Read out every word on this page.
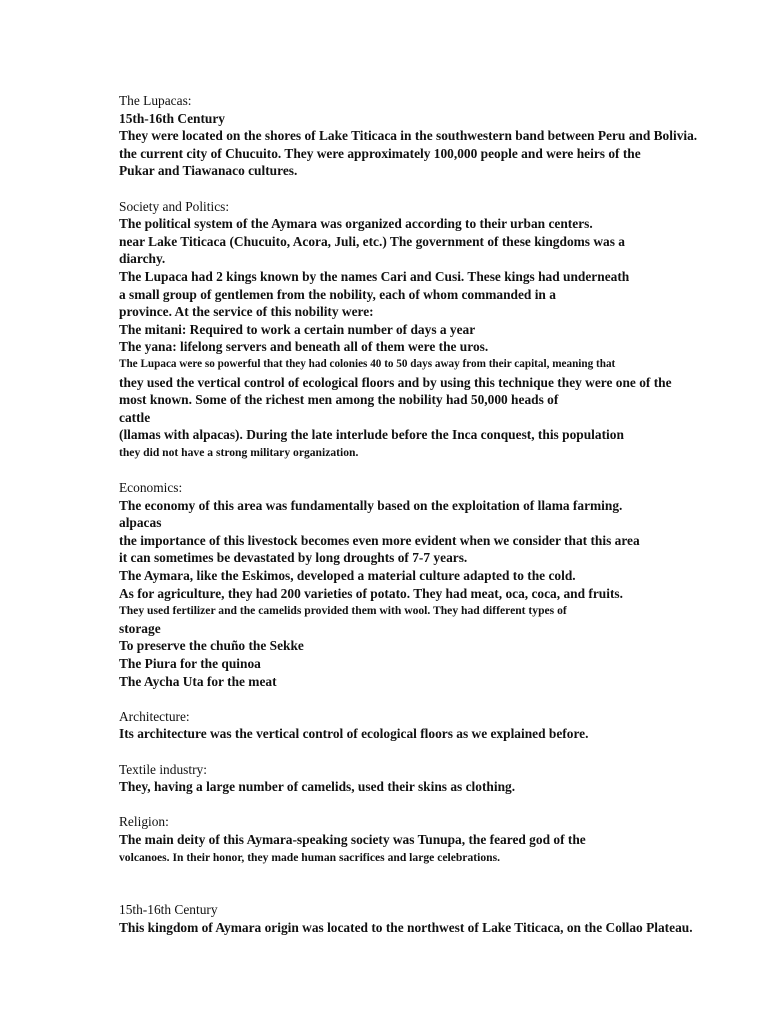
The Lupacas:
15th-16th Century
They were located on the shores of Lake Titicaca in the southwestern band between Peru and Bolivia.
the current city of Chucuito. They were approximately 100,000 people and were heirs of the
Pukar and Tiawanaco cultures.
Society and Politics:
The political system of the Aymara was organized according to their urban centers.
near Lake Titicaca (Chucuito, Acora, Juli, etc.) The government of these kingdoms was a
diarchy.
The Lupaca had 2 kings known by the names Cari and Cusi. These kings had underneath
a small group of gentlemen from the nobility, each of whom commanded in a
province. At the service of this nobility were:
The mitani: Required to work a certain number of days a year
The yana: lifelong servers and beneath all of them were the uros.
The Lupaca were so powerful that they had colonies 40 to 50 days away from their capital, meaning that
they used the vertical control of ecological floors and by using this technique they were one of the
most known. Some of the richest men among the nobility had 50,000 heads of
cattle
(llamas with alpacas). During the late interlude before the Inca conquest, this population
they did not have a strong military organization.
Economics:
The economy of this area was fundamentally based on the exploitation of llama farming.
alpacas
the importance of this livestock becomes even more evident when we consider that this area
it can sometimes be devastated by long droughts of 7-7 years.
The Aymara, like the Eskimos, developed a material culture adapted to the cold.
As for agriculture, they had 200 varieties of potato. They had meat, oca, coca, and fruits.
They used fertilizer and the camelids provided them with wool. They had different types of
storage
To preserve the chuño the Sekke
The Piura for the quinoa
The Aycha Uta for the meat
Architecture:
Its architecture was the vertical control of ecological floors as we explained before.
Textile industry:
They, having a large number of camelids, used their skins as clothing.
Religion:
The main deity of this Aymara-speaking society was Tunupa, the feared god of the
volcanoes. In their honor, they made human sacrifices and large celebrations.
15th-16th Century
This kingdom of Aymara origin was located to the northwest of Lake Titicaca, on the Collao Plateau.
